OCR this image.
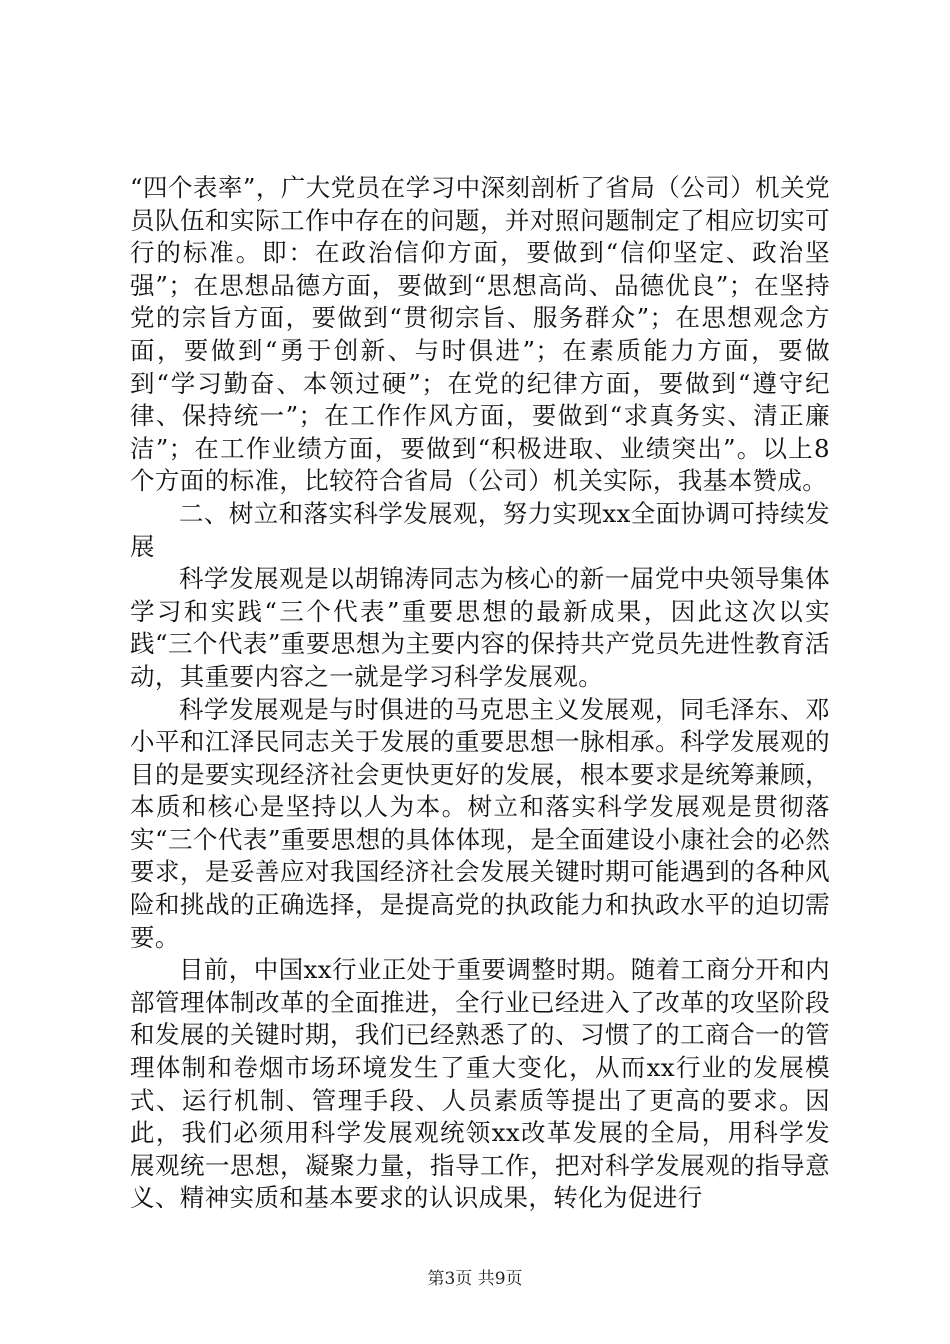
“四个表率”，广大党员在学习中深刻剖析了省局（公司）机关党员队伍和实际工作中存在的问题，并对照问题制定了相应切实可行的标准。即：在政治信仰方面，要做到“信仰坚定、政治坚强”；在思想品德方面，要做到“思想高尚、品德优良”；在坚持党的宗旨方面，要做到“贯彻宗旨、服务群众”；在思想观念方面，要做到“勇于创新、与时俱进”；在素质能力方面，要做到“学习勤奋、本领过硬”；在党的纪律方面，要做到“遵守纪律、保持统一”；在工作作风方面，要做到“求真务实、清正廉洁”；在工作业绩方面，要做到“积极进取、业绩突出”。以上8个方面的标准，比较符合省局（公司）机关实际，我基本赞成。

二、树立和落实科学发展观，努力实现xx全面协调可持续发展

科学发展观是以胡锦涛同志为核心的新一届党中央领导集体学习和实践“三个代表”重要思想的最新成果，因此这次以实践“三个代表”重要思想为主要内容的保持共产党员先进性教育活动，其重要内容之一就是学习科学发展观。

科学发展观是与时俱进的马克思主义发展观，同毛泽东、邓小平和江泽民同志关于发展的重要思想一脉相承。科学发展观的目的是要实现经济社会更快更好的发展，根本要求是统筹兼顾，本质和核心是坚持以人为本。树立和落实科学发展观是贯彻落实“三个代表”重要思想的具体体现，是全面建设小康社会的必然要求，是妥善应对我国经济社会发展关键时期可能遇到的各种风险和挑战的正确选择，是提高党的执政能力和执政水平的迫切需要。

目前，中国xx行业正处于重要调整时期。随着工商分开和内部管理体制改革的全面推进，全行业已经进入了改革的攻坚阶段和发展的关键时期，我们已经熟悉了的、习惯了的工商合一的管理体制和卷烟市场环境发生了重大变化，从而xx行业的发展模式、运行机制、管理手段、人员素质等提出了更高的要求。因此，我们必须用科学发展观统领xx改革发展的全局，用科学发展观统一思想，凝聚力量，指导工作，把对科学发展观的指导意义、精神实质和基本要求的认识成果，转化为促进行

第3页 共9页
